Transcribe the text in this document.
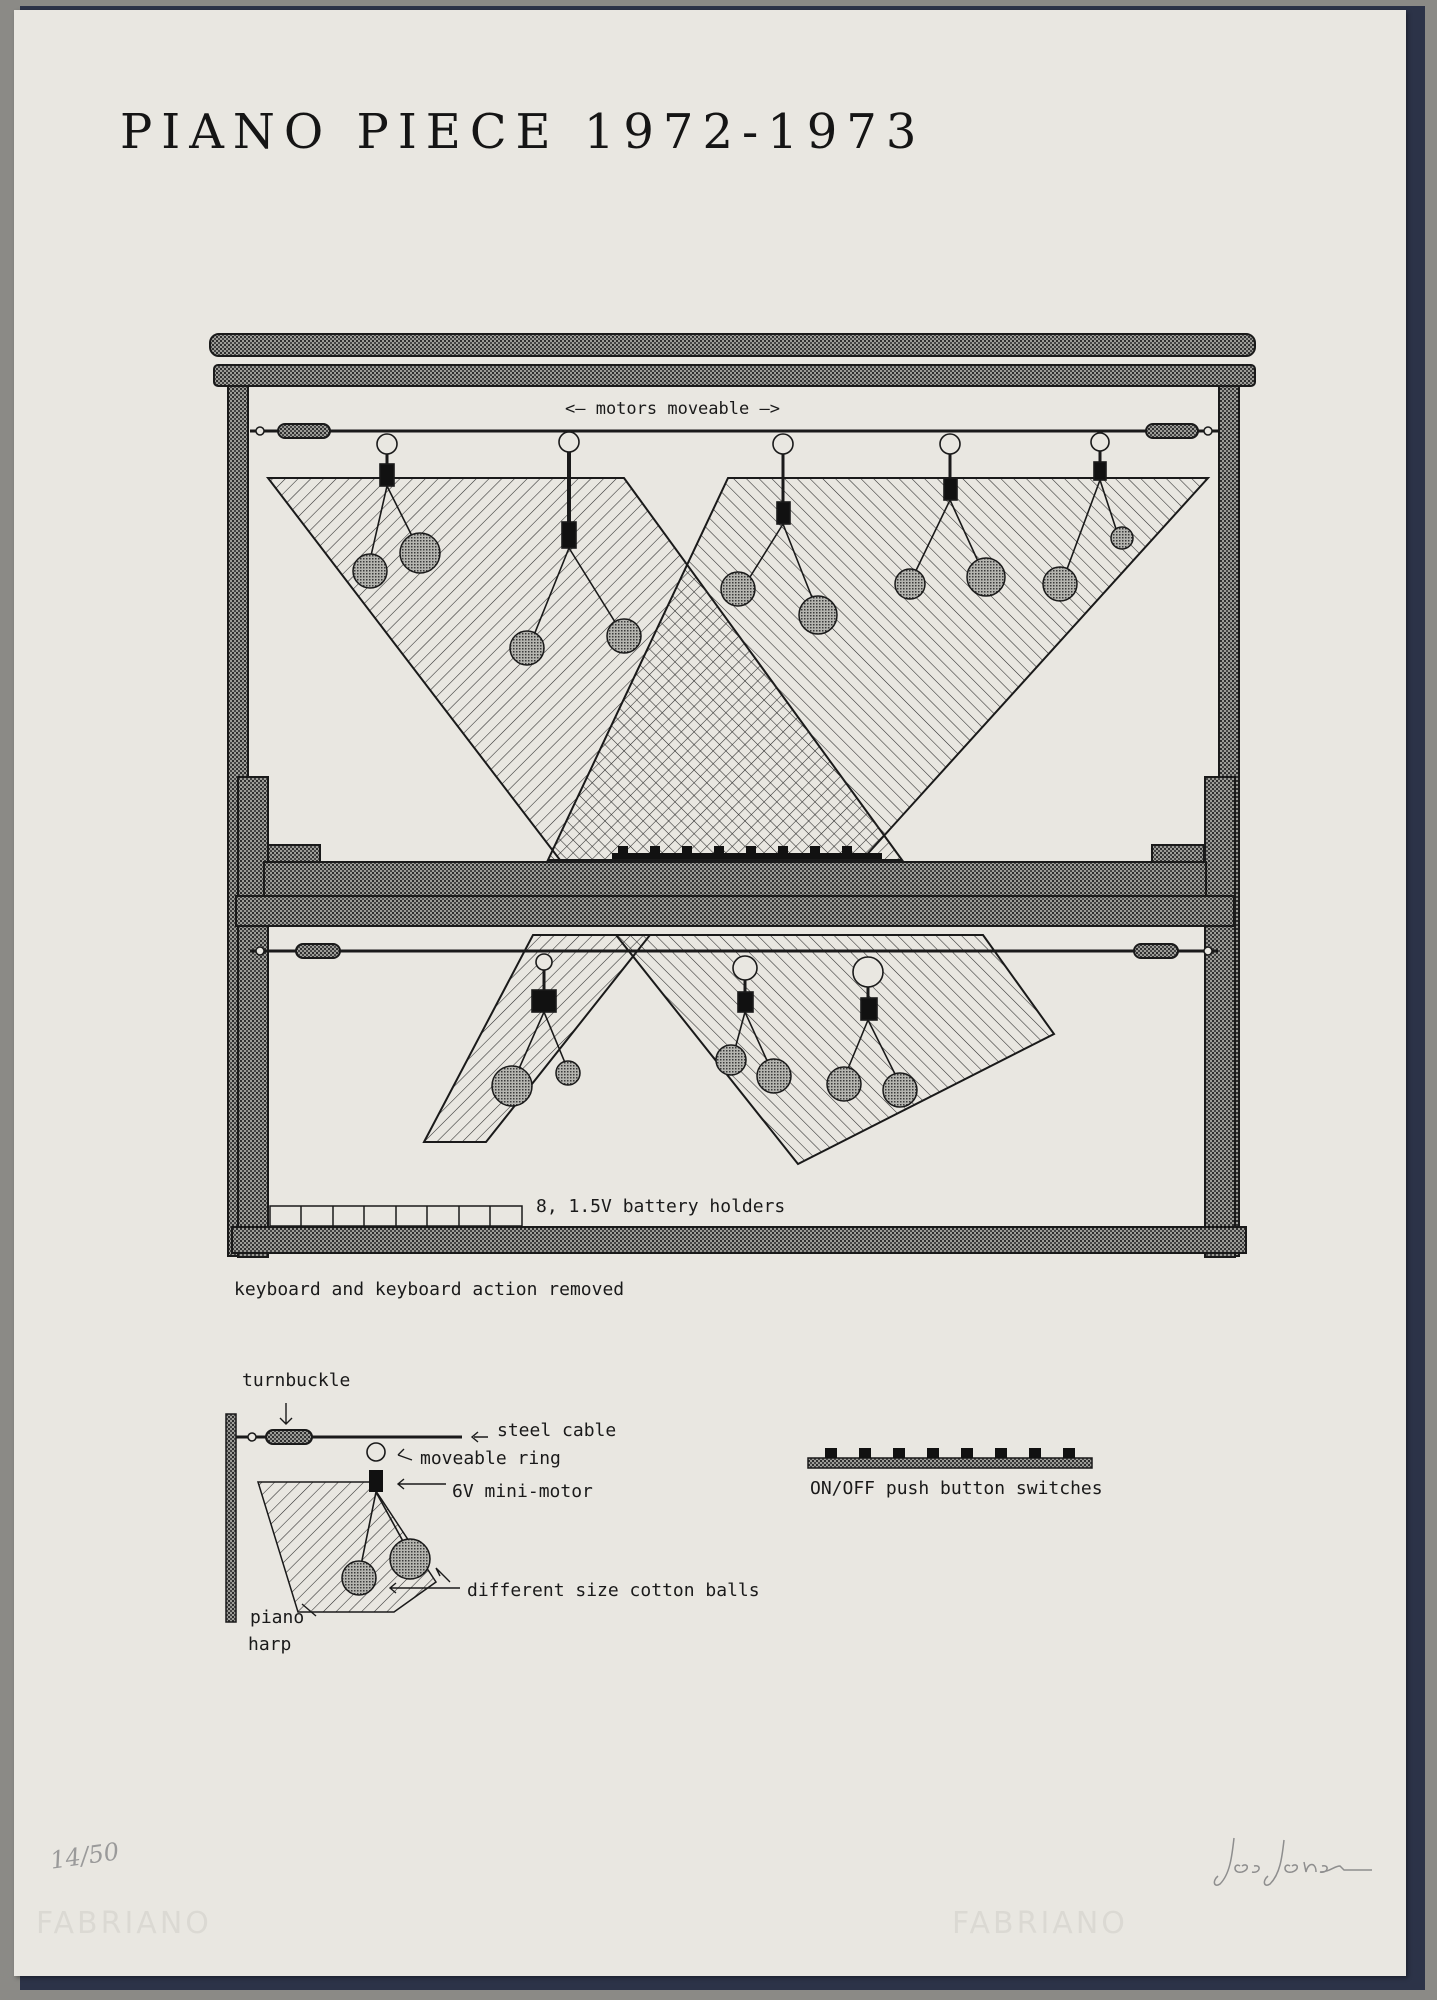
FABRIANO	FABRIANO
PIANO PIECE 1972-1973
<— motors moveable —>
8, 1.5V battery holders
keyboard and keyboard action removed
turnbuckle
steel cable
moveable ring
6V mini-motor
different size cotton balls
piano
harp
ON/OFF push button switches
14/50
